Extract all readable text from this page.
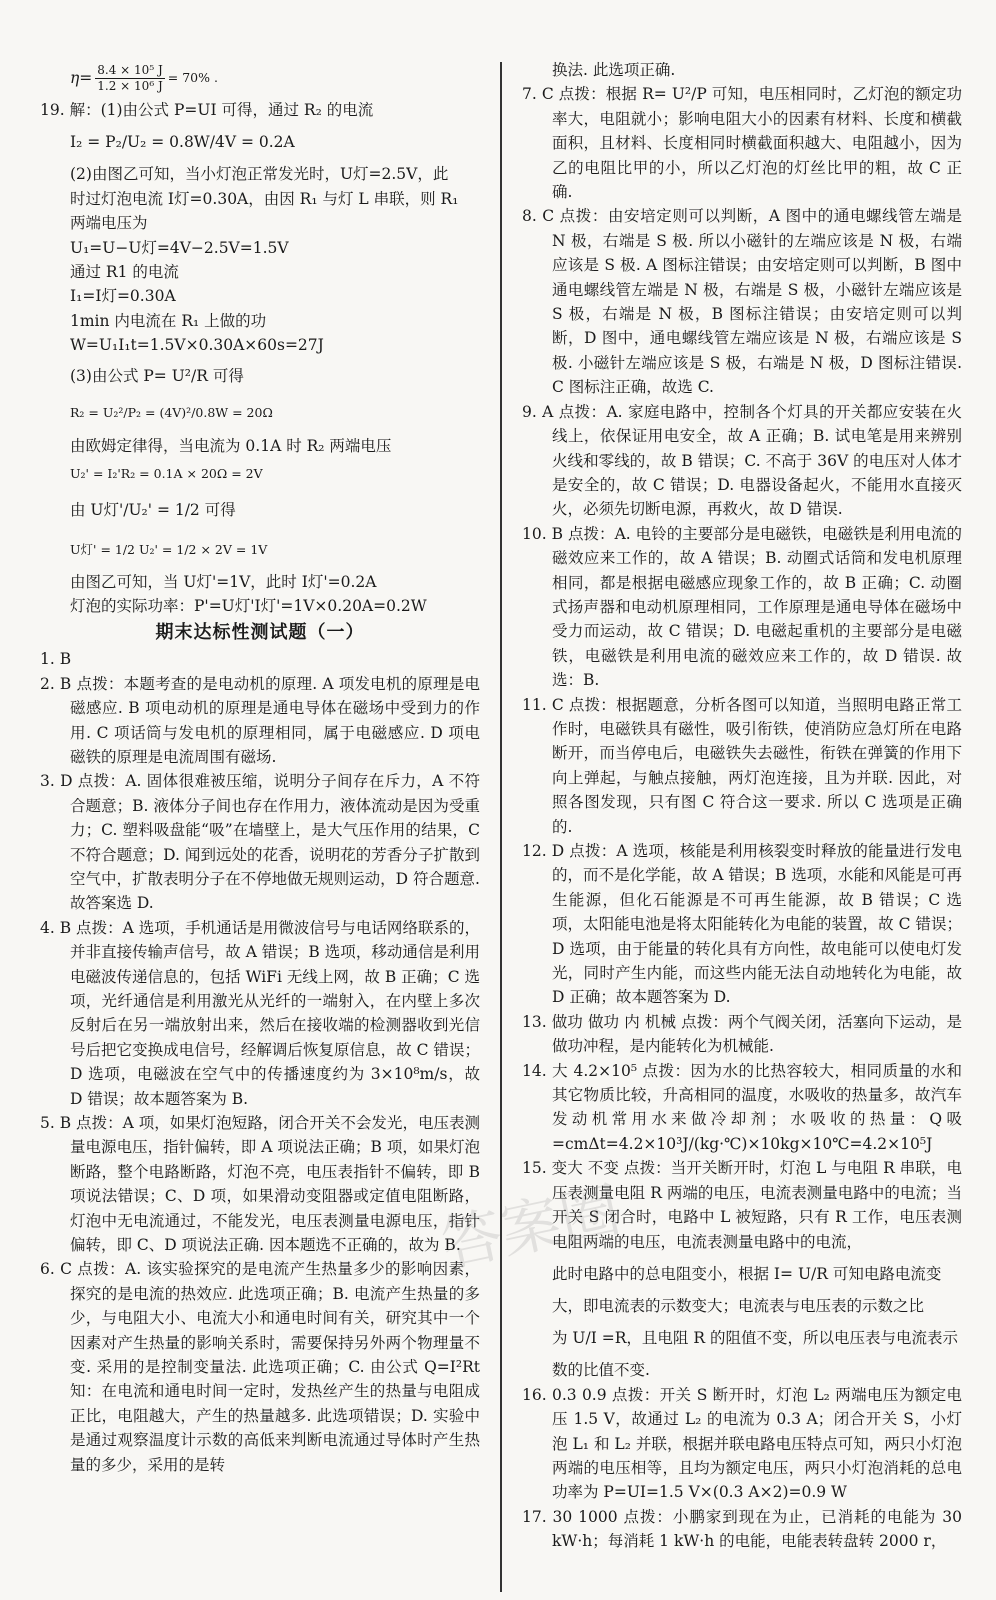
$\eta= \frac{\text{8.4 × 10⁵ J}}{\text{1.2 × 10⁶ J}} = 70\%$ .
19. 解：(1)由公式 P=UI 可得，通过 R₂ 的电流
I₂ = P₂/U₂ = 0.8W/4V = 0.2A
(2)由图乙可知，当小灯泡正常发光时，U灯=2.5V，此
时过灯泡电流 I灯=0.30A，由因 R₁ 与灯 L 串联，则 R₁
两端电压为
U₁=U−U灯=4V−2.5V=1.5V
通过 R1 的电流
I₁=I灯=0.30A
1min 内电流在 R₁ 上做的功
W=U₁I₁t=1.5V×0.30A×60s=27J
(3)由公式 P= U²/R 可得
R₂ = U₂²/P₂ = (4V)²/0.8W = 20Ω
由欧姆定律得，当电流为 0.1A 时 R₂ 两端电压
U₂' = I₂'R₂ = 0.1A × 20Ω = 2V
由 U灯'/U₂' = 1/2 可得
U灯' = 1/2 U₂' = 1/2 × 2V = 1V
由图乙可知，当 U灯'=1V，此时 I灯'=0.2A
灯泡的实际功率：P'=U灯'I灯'=1V×0.20A=0.2W
期末达标性测试题（一）
1. B
2. B 点拨：本题考查的是电动机的原理. A 项发电机的原理是电磁感应. B 项电动机的原理是通电导体在磁场中受到力的作用. C 项话筒与发电机的原理相同，属于电磁感应. D 项电磁铁的原理是电流周围有磁场.
3. D 点拨：A. 固体很难被压缩，说明分子间存在斥力，A 不符合题意；B. 液体分子间也存在作用力，液体流动是因为受重力；C. 塑料吸盘能“吸”在墙壁上，是大气压作用的结果，C 不符合题意；D. 闻到远处的花香，说明花的芳香分子扩散到空气中，扩散表明分子在不停地做无规则运动，D 符合题意. 故答案选 D.
4. B 点拨：A 选项，手机通话是用微波信号与电话网络联系的，并非直接传输声信号，故 A 错误；B 选项，移动通信是利用电磁波传递信息的，包括 WiFi 无线上网，故 B 正确；C 选项，光纤通信是利用激光从光纤的一端射入，在内壁上多次反射后在另一端放射出来，然后在接收端的检测器收到光信号后把它变换成电信号，经解调后恢复原信息，故 C 错误；D 选项，电磁波在空气中的传播速度约为 3×10⁸m/s，故 D 错误；故本题答案为 B.
5. B 点拨：A 项，如果灯泡短路，闭合开关不会发光，电压表测量电源电压，指针偏转，即 A 项说法正确；B 项，如果灯泡断路，整个电路断路，灯泡不亮，电压表指针不偏转，即 B 项说法错误；C、D 项，如果滑动变阻器或定值电阻断路，灯泡中无电流通过，不能发光，电压表测量电源电压，指针偏转，即 C、D 项说法正确. 因本题选不正确的，故为 B.
6. C 点拨：A. 该实验探究的是电流产生热量多少的影响因素，探究的是电流的热效应. 此选项正确；B. 电流产生热量的多少，与电阻大小、电流大小和通电时间有关，研究其中一个因素对产生热量的影响关系时，需要保持另外两个物理量不变. 采用的是控制变量法. 此选项正确；C. 由公式 Q=I²Rt 知：在电流和通电时间一定时，发热丝产生的热量与电阻成正比，电阻越大，产生的热量越多. 此选项错误；D. 实验中是通过观察温度计示数的高低来判断电流通过导体时产生热量的多少，采用的是转
换法. 此选项正确.
7. C 点拨：根据 R= U²/P 可知，电压相同时，乙灯泡的额定功率大，电阻就小；影响电阻大小的因素有材料、长度和横截面积，且材料、长度相同时横截面积越大、电阻越小，因为乙的电阻比甲的小，所以乙灯泡的灯丝比甲的粗，故 C 正确.
8. C 点拨：由安培定则可以判断，A 图中的通电螺线管左端是 N 极，右端是 S 极. 所以小磁针的左端应该是 N 极，右端应该是 S 极. A 图标注错误；由安培定则可以判断，B 图中通电螺线管左端是 N 极，右端是 S 极，小磁针左端应该是 S 极，右端是 N 极，B 图标注错误；由安培定则可以判断，D 图中，通电螺线管左端应该是 N 极，右端应该是 S 极. 小磁针左端应该是 S 极，右端是 N 极，D 图标注错误. C 图标注正确，故选 C.
9. A 点拨：A. 家庭电路中，控制各个灯具的开关都应安装在火线上，依保证用电安全，故 A 正确；B. 试电笔是用来辨别火线和零线的，故 B 错误；C. 不高于 36V 的电压对人体才是安全的，故 C 错误；D. 电器设备起火，不能用水直接灭火，必须先切断电源，再救火，故 D 错误.
10. B 点拨：A. 电铃的主要部分是电磁铁，电磁铁是利用电流的磁效应来工作的，故 A 错误；B. 动圈式话筒和发电机原理相同，都是根据电磁感应现象工作的，故 B 正确；C. 动圈式扬声器和电动机原理相同，工作原理是通电导体在磁场中受力而运动，故 C 错误；D. 电磁起重机的主要部分是电磁铁，电磁铁是利用电流的磁效应来工作的，故 D 错误. 故选：B.
11. C 点拨：根据题意，分析各图可以知道，当照明电路正常工作时，电磁铁具有磁性，吸引衔铁，使消防应急灯所在电路断开，而当停电后，电磁铁失去磁性，衔铁在弹簧的作用下向上弹起，与触点接触，两灯泡连接，且为并联. 因此，对照各图发现，只有图 C 符合这一要求. 所以 C 选项是正确的.
12. D 点拨：A 选项，核能是利用核裂变时释放的能量进行发电的，而不是化学能，故 A 错误；B 选项，水能和风能是可再生能源，但化石能源是不可再生能源，故 B 错误；C 选项，太阳能电池是将太阳能转化为电能的装置，故 C 错误；D 选项，由于能量的转化具有方向性，故电能可以使电灯发光，同时产生内能，而这些内能无法自动地转化为电能，故 D 正确；故本题答案为 D.
13. 做功 做功 内 机械 点拨：两个气阀关闭，活塞向下运动，是做功冲程，是内能转化为机械能.
14. 大 4.2×10⁵ 点拨：因为水的比热容较大，相同质量的水和其它物质比较，升高相同的温度，水吸收的热量多，故汽车发动机常用水来做冷却剂；水吸收的热量：Q吸=cmΔt=4.2×10³J/(kg·℃)×10kg×10℃=4.2×10⁵J
15. 变大 不变 点拨：当开关断开时，灯泡 L 与电阻 R 串联，电压表测量电阻 R 两端的电压，电流表测量电路中的电流；当开关 S 闭合时，电路中 L 被短路，只有 R 工作，电压表测电阻两端的电压，电流表测量电路中的电流，
此时电路中的总电阻变小，根据 I= U/R 可知电路电流变
大，即电流表的示数变大；电流表与电压表的示数之比
为 U/I =R，且电阻 R 的阻值不变，所以电压表与电流表示
数的比值不变.
16. 0.3 0.9 点拨：开关 S 断开时，灯泡 L₂ 两端电压为额定电压 1.5 V，故通过 L₂ 的电流为 0.3 A；闭合开关 S，小灯泡 L₁ 和 L₂ 并联，根据并联电路电压特点可知，两只小灯泡两端的电压相等，且均为额定电压，两只小灯泡消耗的总电功率为 P=UI=1.5 V×(0.3 A×2)=0.9 W
17. 30 1000 点拨：小鹏家到现在为止，已消耗的电能为 30 kW·h；每消耗 1 kW·h 的电能，电能表转盘转 2000 r，
答案圈
